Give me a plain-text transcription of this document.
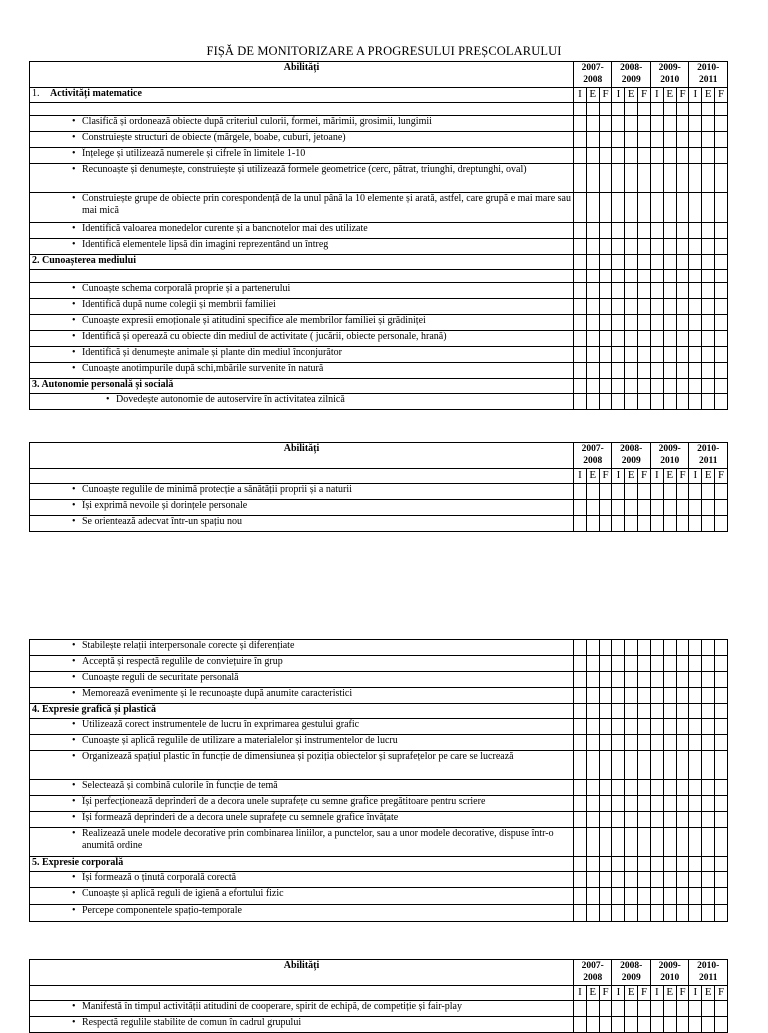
FIȘĂ DE MONITORIZARE A PROGRESULUI PREȘCOLARULUI
Abilități	2007-2008			2008-2009			2009-2010			2010-2011		
1. Activități matematice	I	E	F	I	E	F	I	E	F	I	E	F

• Clasifică și ordonează obiecte după criteriul culorii, formei, mărimii, grosimii, lungimii												
• Construiește structuri de obiecte (mărgele, boabe, cuburi, jetoane)												
• Înțelege și utilizează numerele și cifrele în limitele 1-10												
• Recunoaște și denumește, construiește și utilizează formele geometrice (cerc, pătrat, triunghi, dreptunghi, oval)												
• Construiește grupe de obiecte prin corespondență de la unul până la 10 elemente și arată, astfel, care grupă e mai mare sau mai mică												
• Identifică valoarea monedelor curente și a bancnotelor mai des utilizate												
• Identifică elementele lipsă din imagini reprezentând un întreg												
2. Cunoașterea mediului												

• Cunoaște schema corporală proprie și a partenerului												
• Identifică după nume colegii și membrii familiei												
• Cunoaște expresii emoționale și atitudini specifice ale membrilor familiei și grădiniței												
• Identifică și operează cu obiecte din mediul de activitate ( jucării, obiecte personale, hrană)												
• Identifică și denumește animale și plante din mediul înconjurător												
• Cunoaște anotimpurile după schi,mbările survenite în natură												
3. Autonomie personală și socială												
• Dovedește autonomie de autoservire în activitatea zilnică												
Abilități	2007-2008			2008-2009			2009-2010			2010-2011		
	I	E	F	I	E	F	I	E	F	I	E	F
• Cunoaște regulile de minimă protecție a sănătății proprii și a naturii												
• Își exprimă nevoile și dorințele personale												
• Se orientează adecvat într-un spațiu nou												
• Stabilește relații interpersonale corecte și diferențiate												
• Acceptă și respectă regulile de conviețuire în grup												
• Cunoaște reguli de securitate personală												
• Memorează evenimente și le recunoaște după anumite caracteristici												
4. Expresie grafică și plastică												
• Utilizează corect instrumentele de lucru în exprimarea gestului grafic												
• Cunoaște și aplică regulile de utilizare a materialelor și instrumentelor de lucru												
• Organizează spațiul plastic în funcție de dimensiunea și poziția obiectelor și suprafețelor pe care se lucrează												
• Selectează și combină culorile în funcție de temă												
• Își perfecționează deprinderi de a decora unele suprafețe cu semne grafice pregătitoare pentru scriere												
• Își formează deprinderi de a decora unele suprafețe cu semnele grafice învățate												
• Realizează unele modele decorative prin combinarea liniilor, a punctelor, sau a unor modele decorative, dispuse într-o anumită ordine												
5. Expresie corporală												
• Își formează o ținută corporală corectă												
• Cunoaște și aplică reguli de igienă a efortului fizic												
• Percepe componentele spațio-temporale												
Abilități	2007-2008			2008-2009			2009-2010			2010-2011		
	I	E	F	I	E	F	I	E	F	I	E	F
• Manifestă în timpul activității atitudini de cooperare, spirit de echipă, de competiție și fair-play												
• Respectă regulile stabilite de comun în cadrul grupului												
